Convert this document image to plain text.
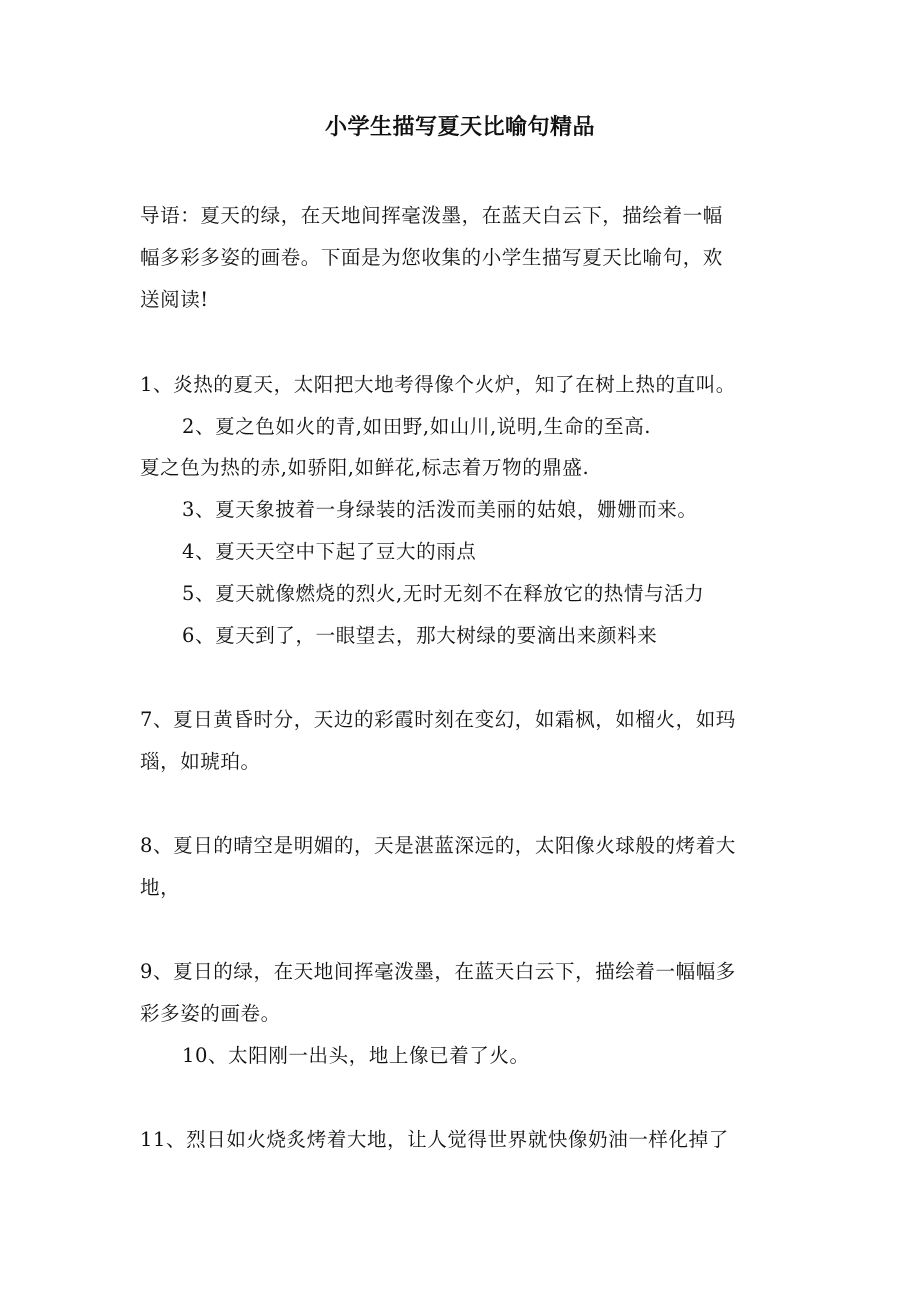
小学生描写夏天比喻句精品
导语：夏天的绿，在天地间挥毫泼墨，在蓝天白云下，描绘着一幅
幅多彩多姿的画卷。下面是为您收集的小学生描写夏天比喻句，欢
送阅读!
1、炎热的夏天，太阳把大地考得像个火炉，知了在树上热的直叫。
2、夏之色如火的青,如田野,如山川,说明,生命的至高.
夏之色为热的赤,如骄阳,如鲜花,标志着万物的鼎盛.
3、夏天象披着一身绿装的活泼而美丽的姑娘，姗姗而来。
4、夏天天空中下起了豆大的雨点
5、夏天就像燃烧的烈火,无时无刻不在释放它的热情与活力
6、夏天到了，一眼望去，那大树绿的要滴出来颜料来
7、夏日黄昏时分，天边的彩霞时刻在变幻，如霜枫，如榴火，如玛
瑙，如琥珀。
8、夏日的晴空是明媚的，天是湛蓝深远的，太阳像火球般的烤着大
地，
9、夏日的绿，在天地间挥毫泼墨，在蓝天白云下，描绘着一幅幅多
彩多姿的画卷。
10、太阳刚一出头，地上像已着了火。
11、烈日如火烧炙烤着大地，让人觉得世界就快像奶油一样化掉了
